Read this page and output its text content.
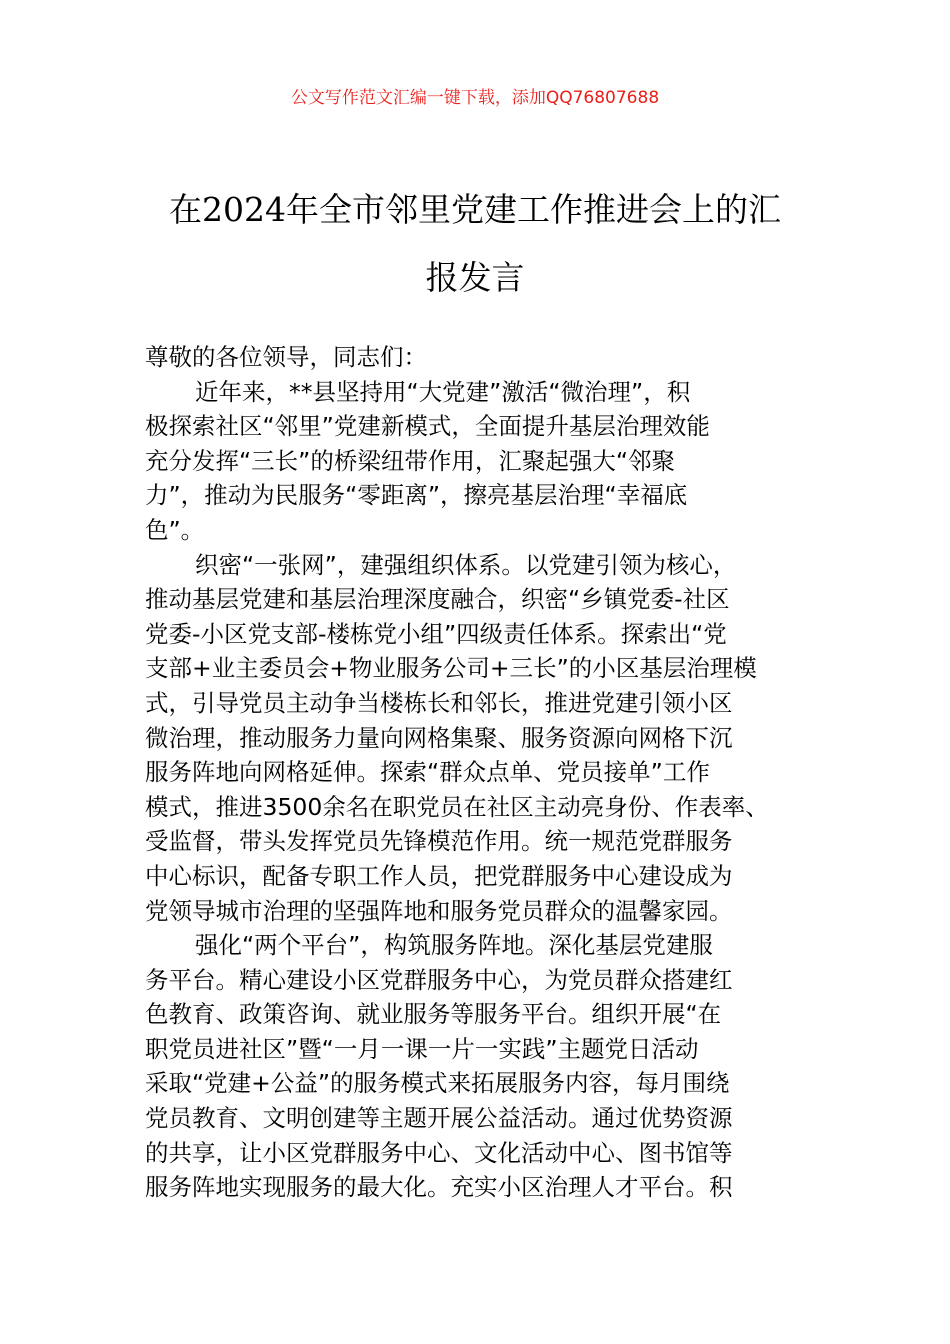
公文写作范文汇编一键下载，添加QQ76807688
在2024年全市邻里党建工作推进会上的汇
报发言
尊敬的各位领导，同志们：
近年来，**县坚持用“大党建”激活“微治理”，积
极探索社区“邻里”党建新模式，全面提升基层治理效能
充分发挥“三长”的桥梁纽带作用，汇聚起强大“邻聚
力”，推动为民服务“零距离”，擦亮基层治理“幸福底
色”。
织密“一张网”，建强组织体系。以党建引领为核心，
推动基层党建和基层治理深度融合，织密“乡镇党委-社区
党委-小区党支部-楼栋党小组”四级责任体系。探索出“党
支部+业主委员会+物业服务公司+三长”的小区基层治理模
式，引导党员主动争当楼栋长和邻长，推进党建引领小区
微治理，推动服务力量向网格集聚、服务资源向网格下沉
服务阵地向网格延伸。探索“群众点单、党员接单”工作
模式，推进3500余名在职党员在社区主动亮身份、作表率、
受监督，带头发挥党员先锋模范作用。统一规范党群服务
中心标识，配备专职工作人员，把党群服务中心建设成为
党领导城市治理的坚强阵地和服务党员群众的温馨家园。
强化“两个平台”，构筑服务阵地。深化基层党建服
务平台。精心建设小区党群服务中心，为党员群众搭建红
色教育、政策咨询、就业服务等服务平台。组织开展“在
职党员进社区”暨“一月一课一片一实践”主题党日活动
采取“党建+公益”的服务模式来拓展服务内容，每月围绕
党员教育、文明创建等主题开展公益活动。通过优势资源
的共享，让小区党群服务中心、文化活动中心、图书馆等
服务阵地实现服务的最大化。充实小区治理人才平台。积
